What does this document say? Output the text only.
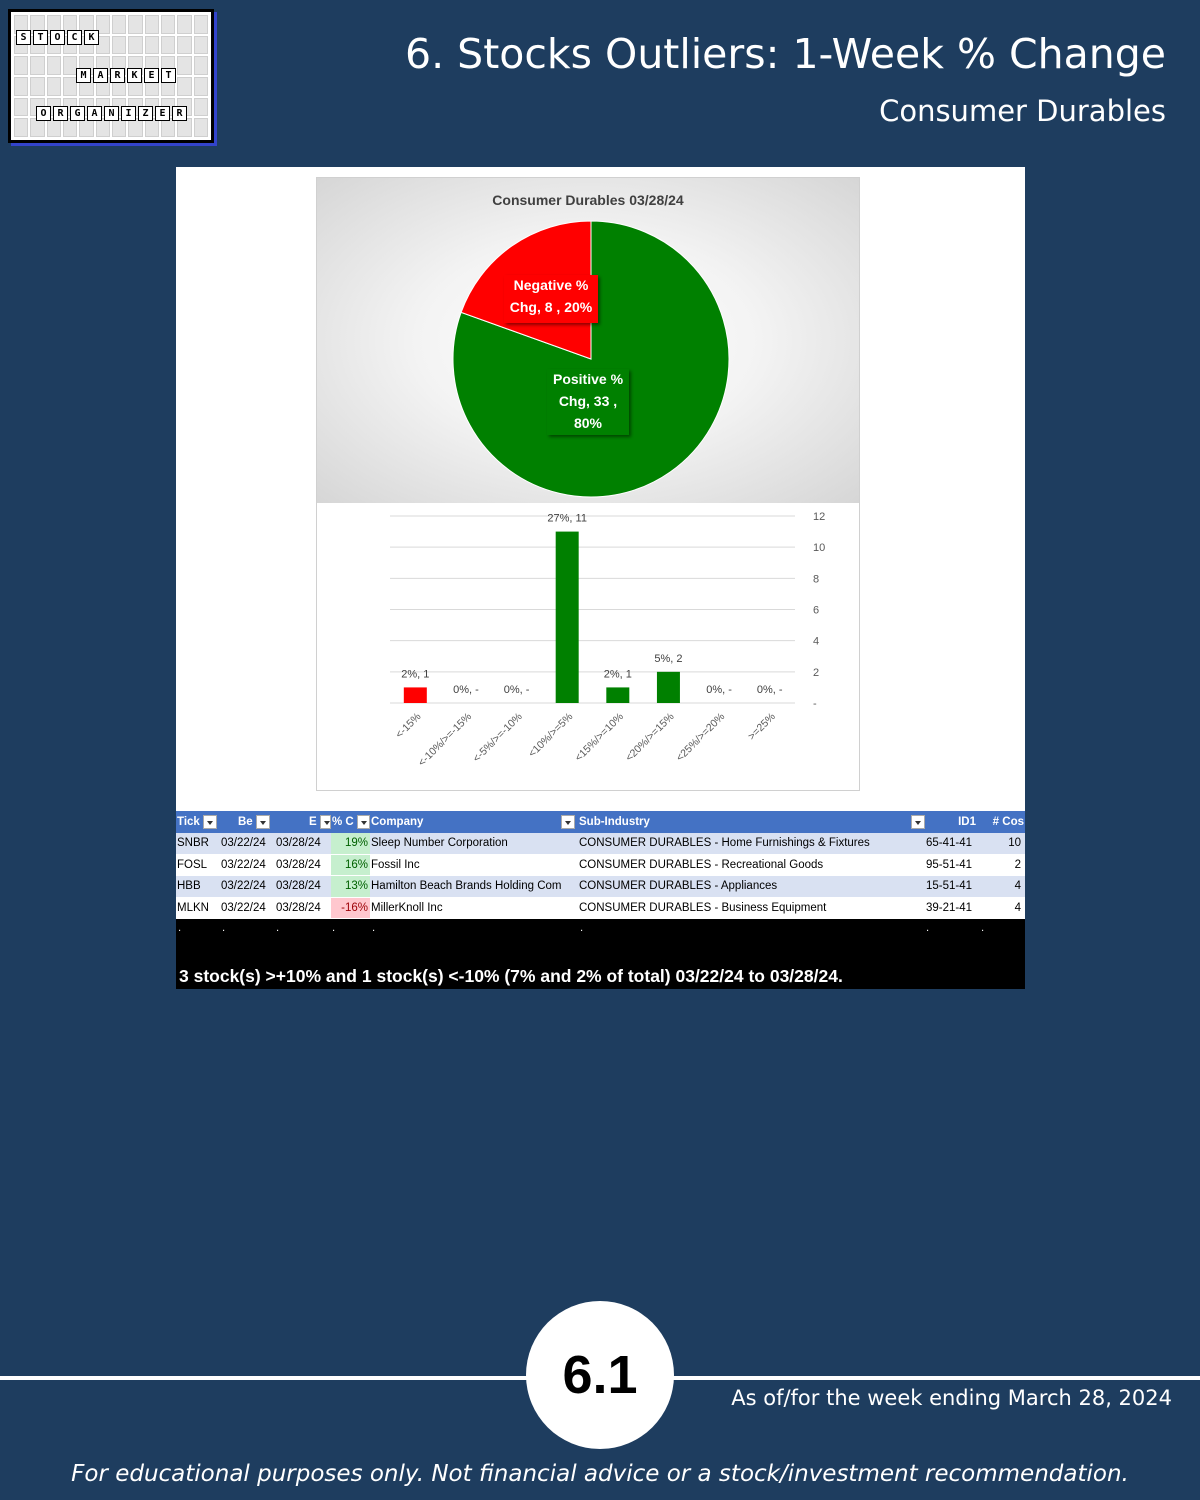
S	T	O	C	K
M	A	R	K	E	T
O	R	G	A	N	I	Z	E	R
6. Stocks Outliers: 1-Week % Change
Consumer Durables
Consumer Durables 03/28/24
Negative %
Chg, 8 , 20%
Positive %
Chg, 33 ,
80%
-
2
4
6
8
10
12
2%, 1
<-15%
0%, -
<-10%/>=-15%
0%, -
<-5%/>=-10%
27%, 11
<10%/>=5%
2%, 1
<15%/>=10%
5%, 2
<20%/>=15%
0%, -
<25%/>=20%
0%, -
>=25%
Tick	Be	E % C Company	Sub-Industry	ID1 # Cos
SNBR	03/22/24 03/28/24	19% Sleep Number Corporation	CONSUMER DURABLES - Home Furnishings & Fixtures	65-41-41	10
FOSL	03/22/24 03/28/24	16% Fossil Inc	CONSUMER DURABLES - Recreational Goods	95-51-41	2
HBB	03/22/24 03/28/24	13% Hamilton Beach Brands Holding Com	CONSUMER DURABLES - Appliances	15-51-41	4
MLKN	03/22/24 03/28/24	-16% MillerKnoll Inc	CONSUMER DURABLES - Business Equipment	39-21-41	4
.	.	.	.	.	.	.	.
3 stock(s) >+10% and 1 stock(s) <-10% (7% and 2% of total) 03/22/24 to 03/28/24.
6.1	As of/for the week ending March 28, 2024
For educational purposes only. Not financial advice or a stock/investment recommendation.
